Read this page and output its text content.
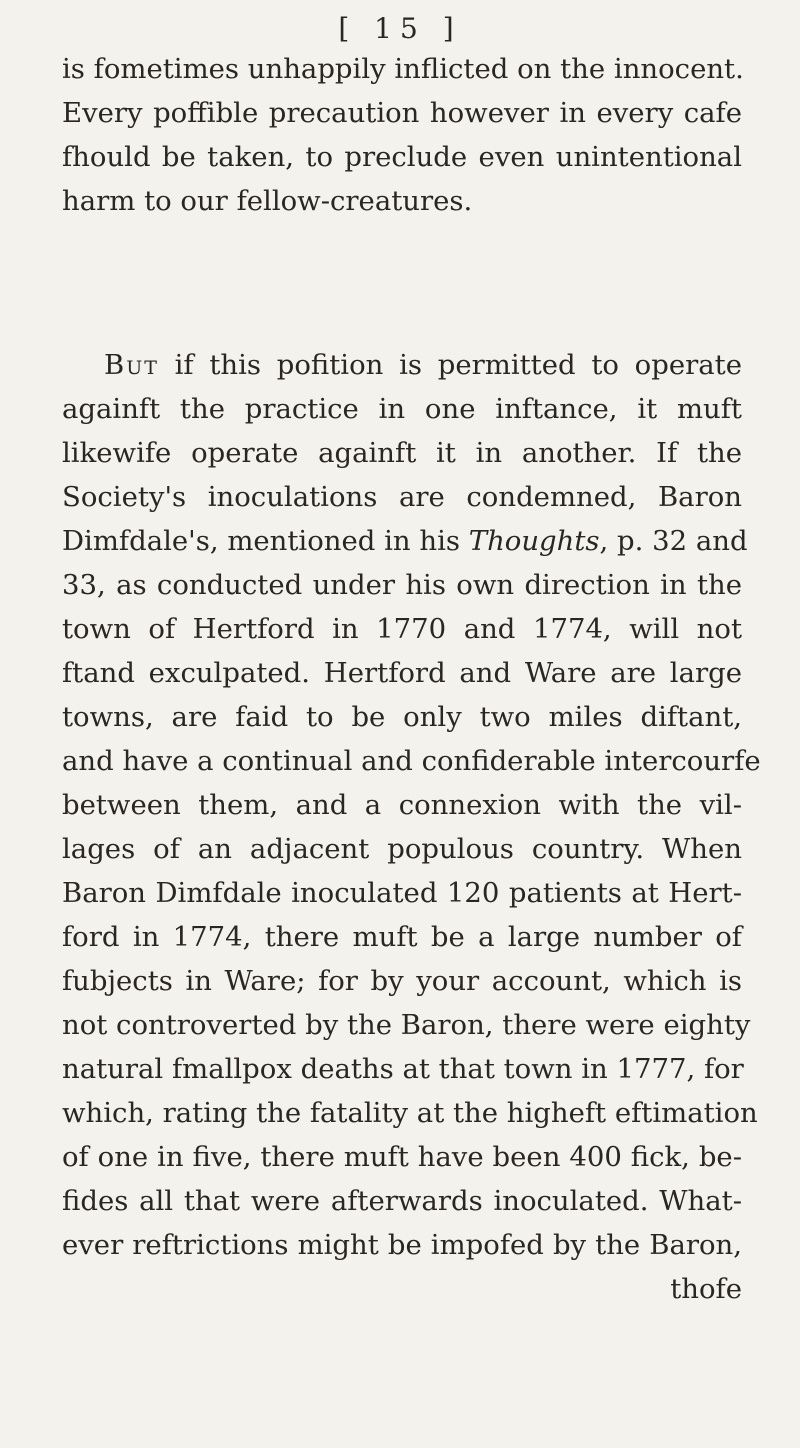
[ 15 ]
is fometimes unhappily inflicted on the innocent.
Every poffible precaution however in every cafe
fhould be taken, to preclude even unintentional
harm to our fellow-creatures.
But if this pofition is permitted to operate
againft the practice in one inftance, it muft
likewife operate againft it in another. If the
Society's inoculations are condemned, Baron
Dimfdale's, mentioned in his Thoughts, p. 32 and
33, as conducted under his own direction in the
town of Hertford in 1770 and 1774, will not
ftand exculpated. Hertford and Ware are large
towns, are faid to be only two miles diftant,
and have a continual and confiderable intercourfe
between them, and a connexion with the vil-
lages of an adjacent populous country. When
Baron Dimfdale inoculated 120 patients at Hert-
ford in 1774, there muft be a large number of
fubjects in Ware; for by your account, which is
not controverted by the Baron, there were eighty
natural fmallpox deaths at that town in 1777, for
which, rating the fatality at the higheft eftimation
of one in five, there muft have been 400 fick, be-
fides all that were afterwards inoculated. What-
ever reftrictions might be impofed by the Baron,
thofe
